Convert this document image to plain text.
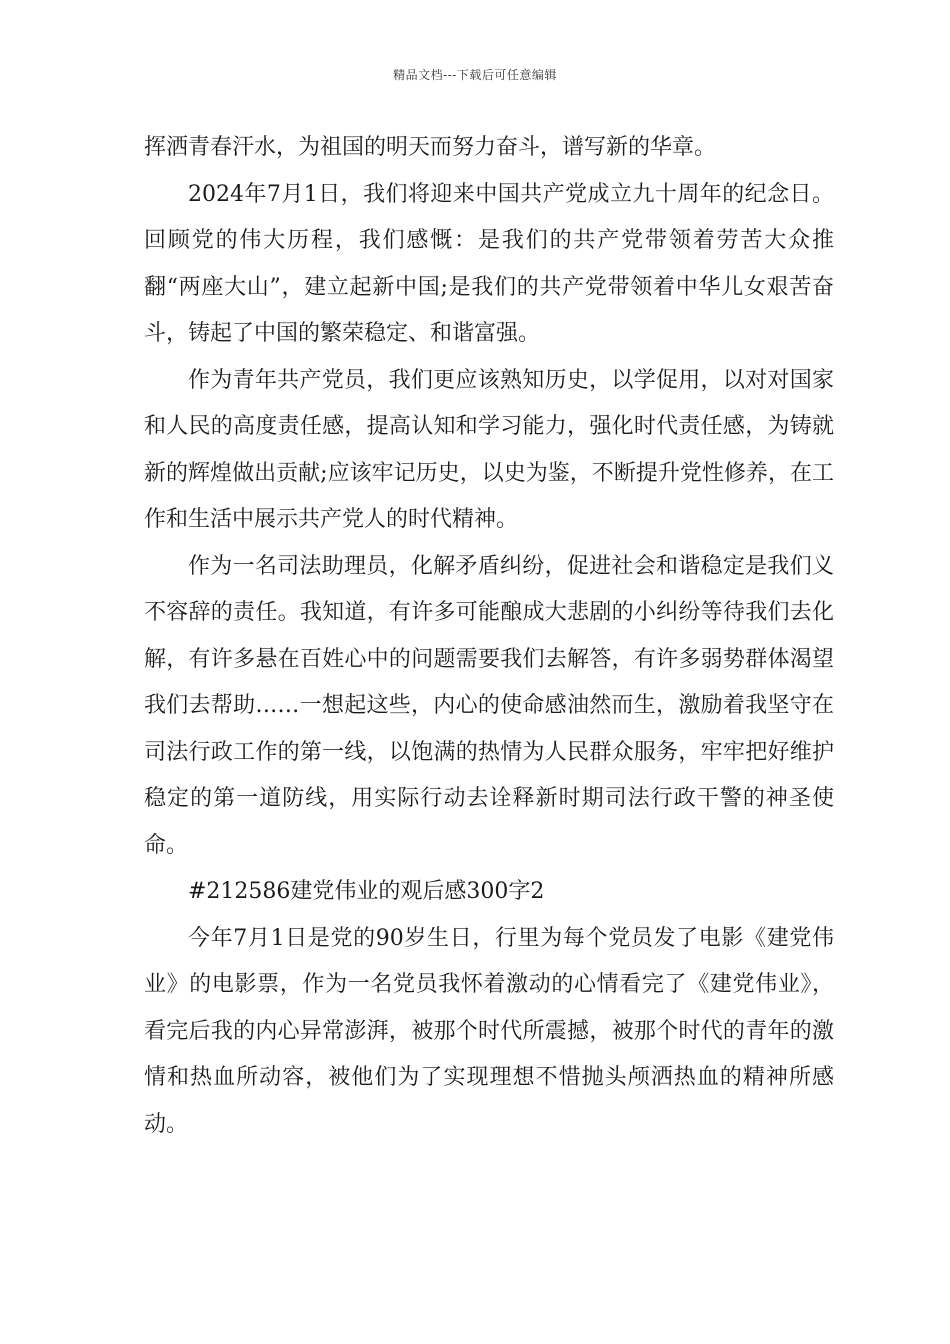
精品文档---下载后可任意编辑

挥洒青春汗水，为祖国的明天而努力奋斗，谱写新的华章。

2024年7月1日，我们将迎来中国共产党成立九十周年的纪念日。回顾党的伟大历程，我们感慨：是我们的共产党带领着劳苦大众推翻“两座大山”，建立起新中国;是我们的共产党带领着中华儿女艰苦奋斗，铸起了中国的繁荣稳定、和谐富强。

作为青年共产党员，我们更应该熟知历史，以学促用，以对对国家和人民的高度责任感，提高认知和学习能力，强化时代责任感，为铸就新的辉煌做出贡献;应该牢记历史，以史为鉴，不断提升党性修养，在工作和生活中展示共产党人的时代精神。

作为一名司法助理员，化解矛盾纠纷，促进社会和谐稳定是我们义不容辞的责任。我知道，有许多可能酿成大悲剧的小纠纷等待我们去化解，有许多悬在百姓心中的问题需要我们去解答，有许多弱势群体渴望我们去帮助……一想起这些，内心的使命感油然而生，激励着我坚守在司法行政工作的第一线，以饱满的热情为人民群众服务，牢牢把好维护稳定的第一道防线，用实际行动去诠释新时期司法行政干警的神圣使命。

#212586建党伟业的观后感300字2

今年7月1日是党的90岁生日，行里为每个党员发了电影《建党伟业》的电影票，作为一名党员我怀着激动的心情看完了《建党伟业》，看完后我的内心异常澎湃，被那个时代所震撼，被那个时代的青年的激情和热血所动容，被他们为了实现理想不惜抛头颅洒热血的精神所感动。
